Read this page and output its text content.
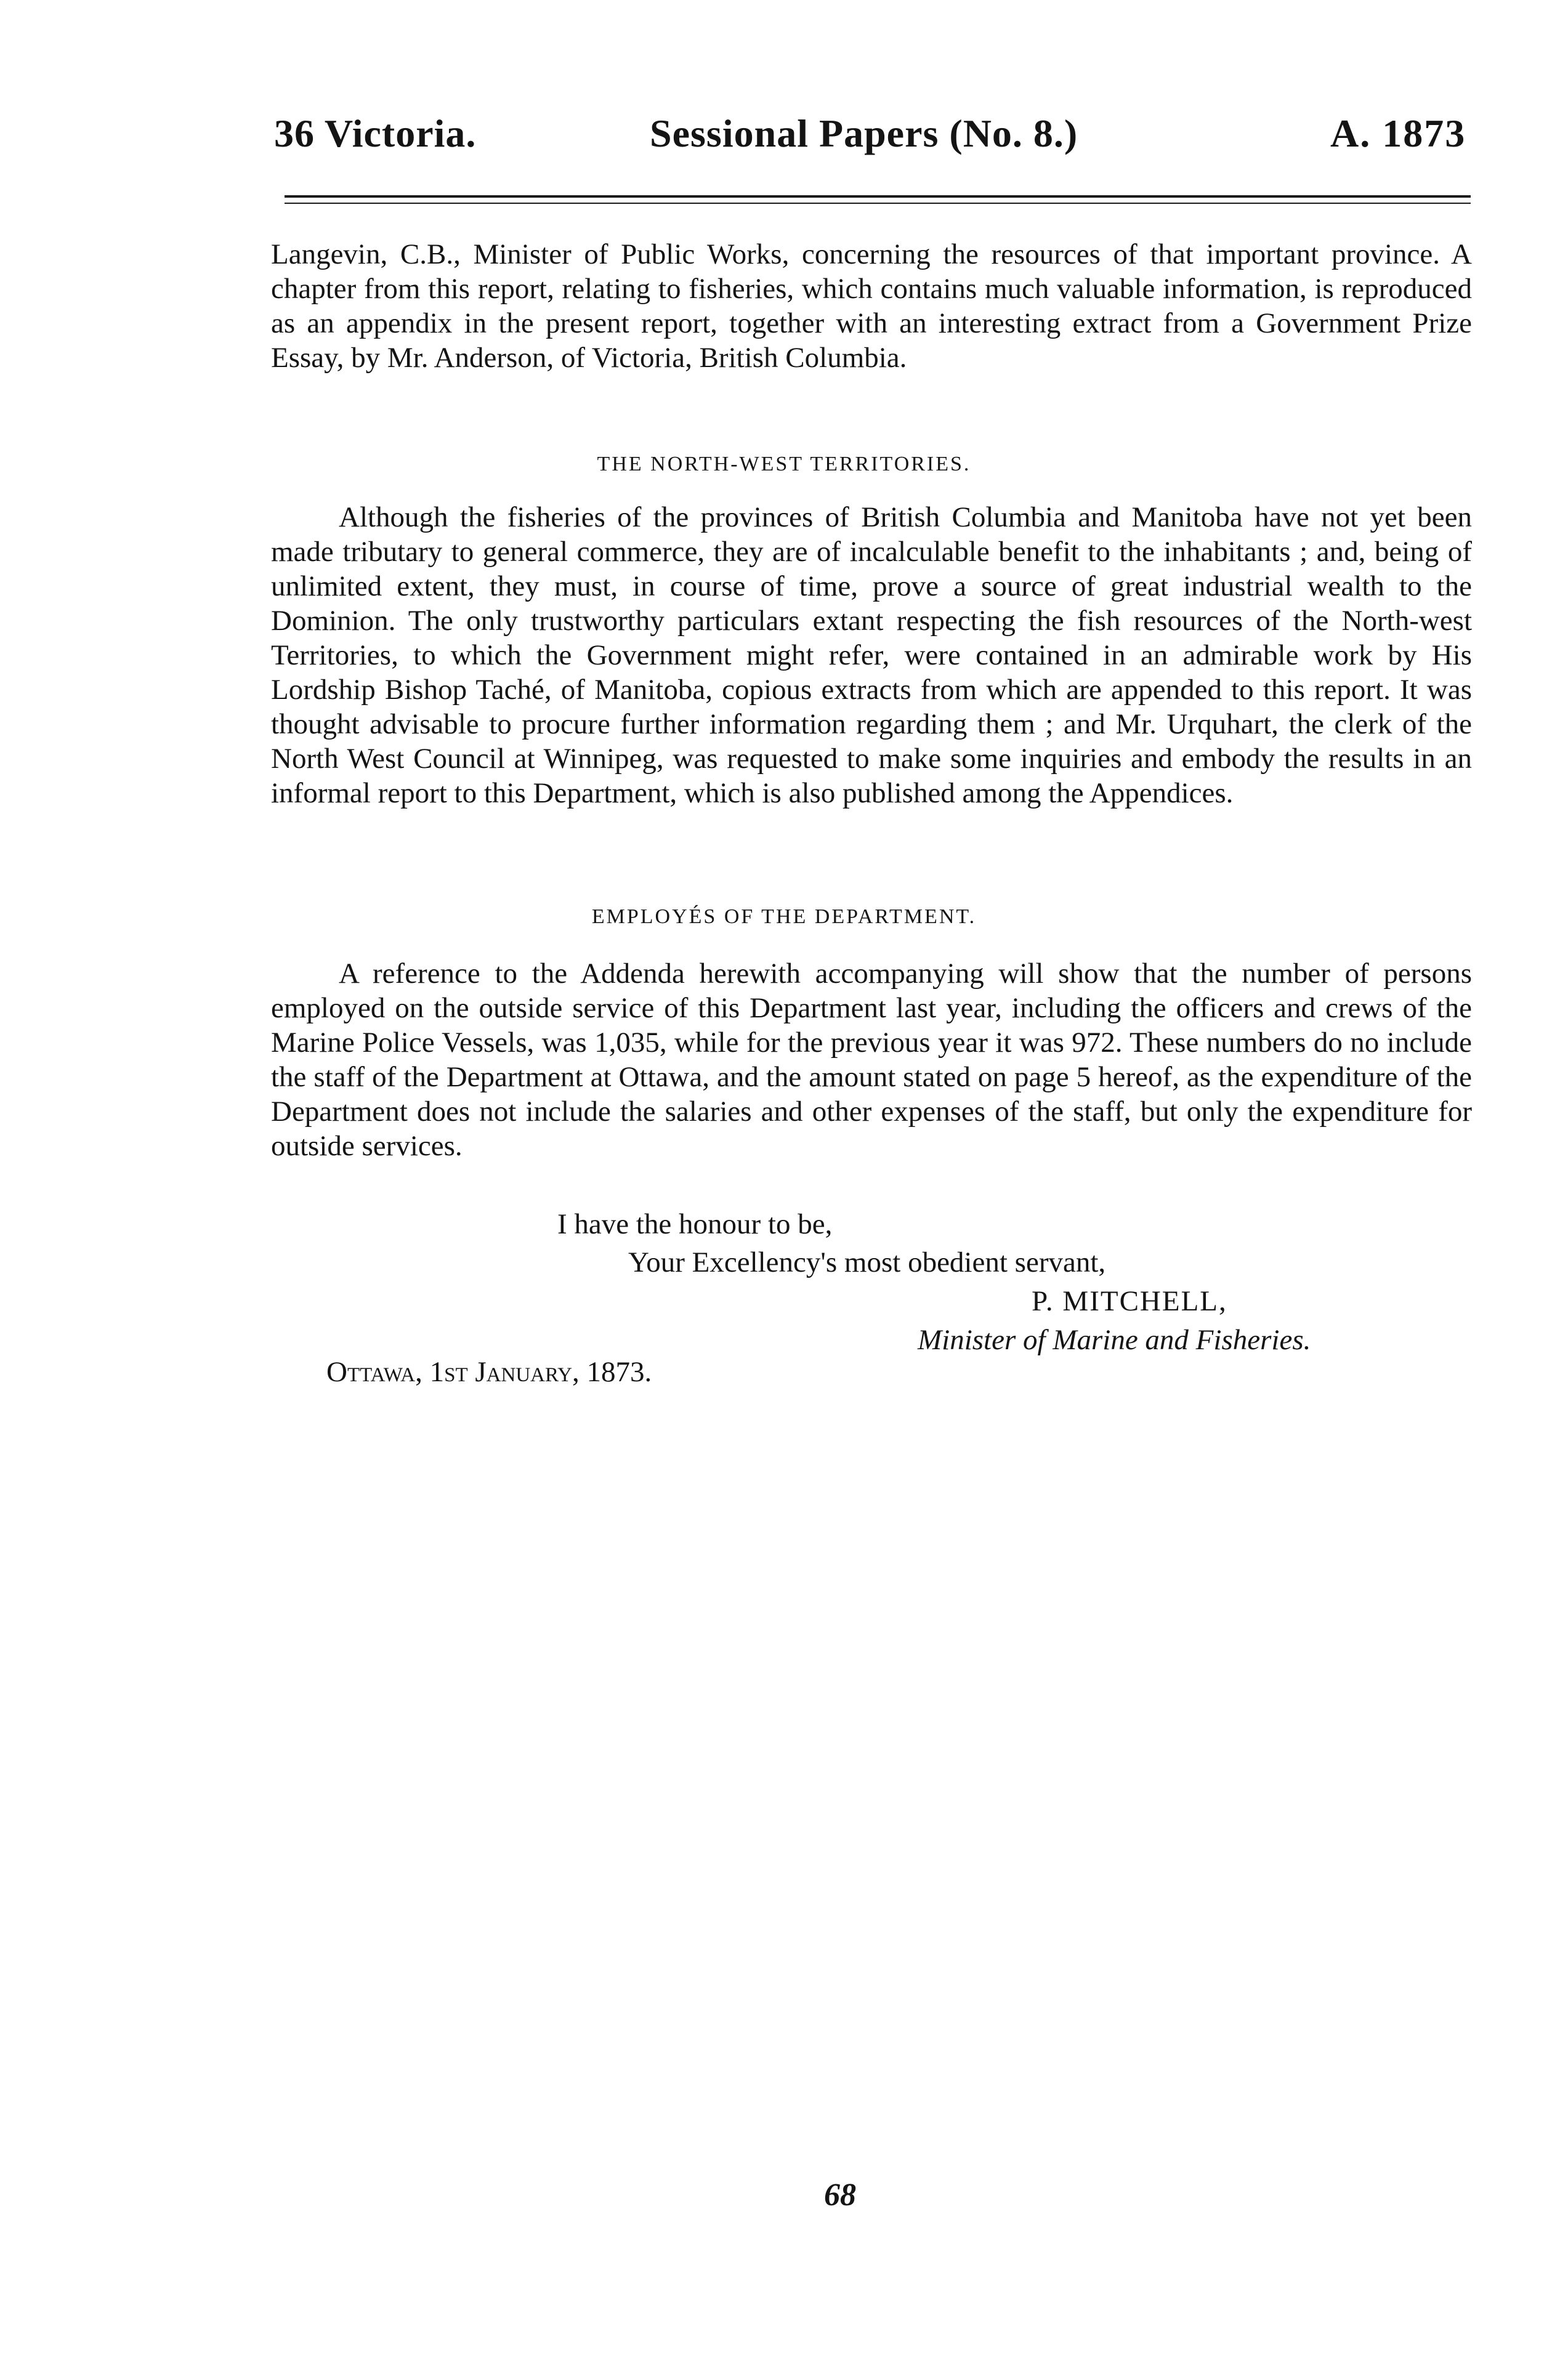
36 Victoria.	Sessional Papers (No. 8.)	A. 1873

Langevin, C.B., Minister of Public Works, concerning the resources of that important province. A chapter from this report, relating to fisheries, which contains much valuable information, is reproduced as an appendix in the present report, together with an interesting extract from a Government Prize Essay, by Mr. Anderson, of Victoria, British Columbia.

THE NORTH-WEST TERRITORIES.

Although the fisheries of the provinces of British Columbia and Manitoba have not yet been made tributary to general commerce, they are of incalculable benefit to the inhabitants ; and, being of unlimited extent, they must, in course of time, prove a source of great industrial wealth to the Dominion. The only trustworthy particulars extant respecting the fish resources of the North-west Territories, to which the Government might refer, were contained in an admirable work by His Lordship Bishop Taché, of Manitoba, copious extracts from which are appended to this report. It was thought advisable to procure further information regarding them ; and Mr. Urquhart, the clerk of the North West Council at Winnipeg, was requested to make some inquiries and embody the results in an informal report to this Department, which is also published among the Appendices.

EMPLOYÉS OF THE DEPARTMENT.

A reference to the Addenda herewith accompanying will show that the number of persons employed on the outside service of this Department last year, including the officers and crews of the Marine Police Vessels, was 1,035, while for the previous year it was 972. These numbers do no include the staff of the Department at Ottawa, and the amount stated on page 5 hereof, as the expenditure of the Department does not include the salaries and other expenses of the staff, but only the expenditure for outside services.

I have the honour to be,
Your Excellency's most obedient servant,
P. MITCHELL,
Minister of Marine and Fisheries.
Ottawa, 1st January, 1873.
68
